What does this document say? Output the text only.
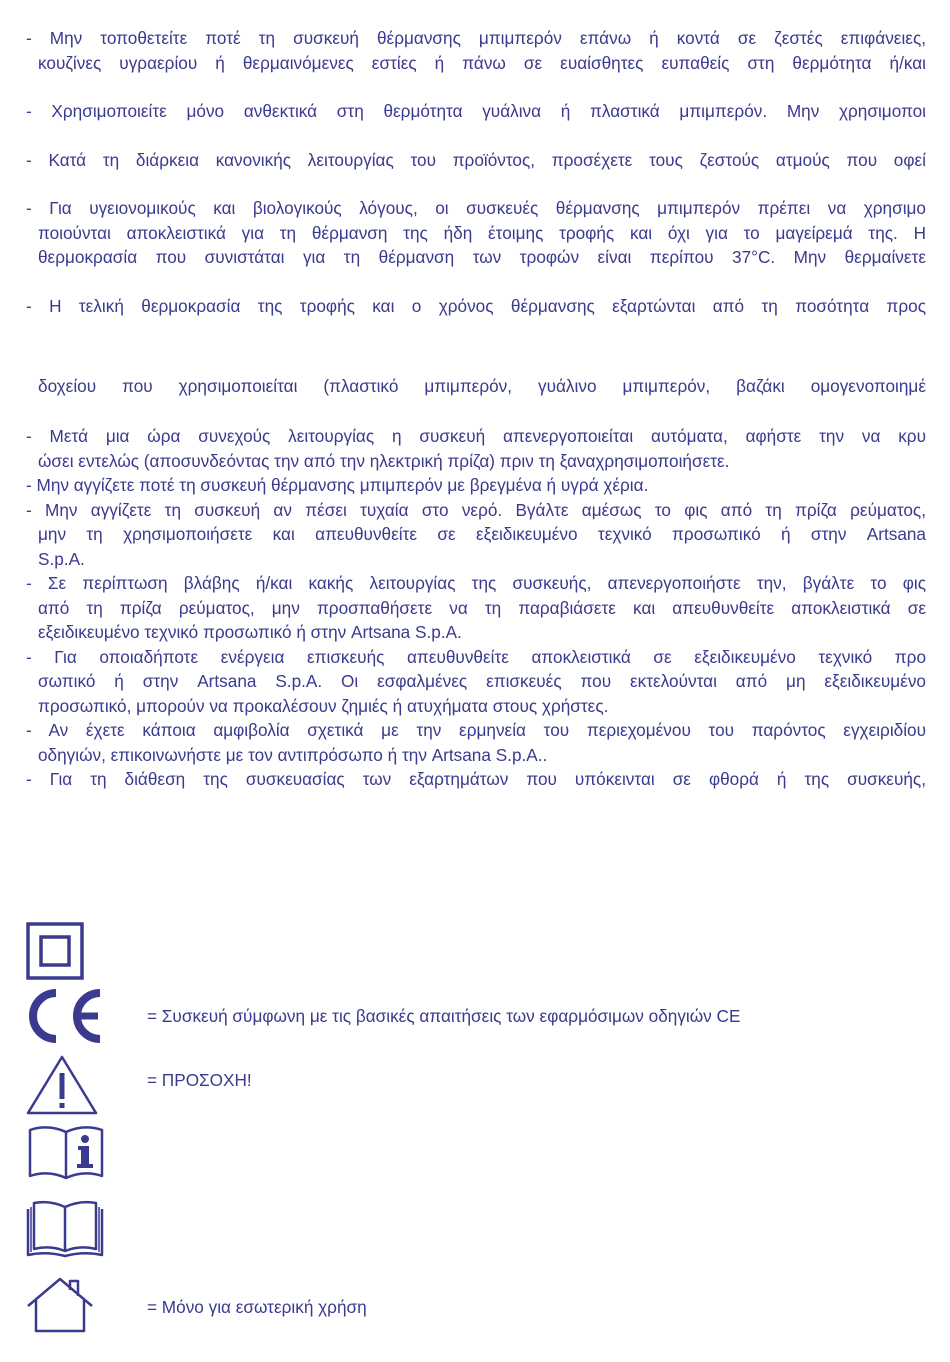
- Μην τοποθετείτε ποτέ τη συσκευή θέρμανσης μπιμπερόν επάνω ή κοντά σε ζεστές επιφάνειες,
κουζίνες υγραερίου ή θερμαινόμενες εστίες ή πάνω σε ευαίσθητες ευπαθείς στη θερμότητα ή/και
- Χρησιμοποιείτε μόνο ανθεκτικά στη θερμότητα γυάλινα ή πλαστικά μπιμπερόν. Μην χρησιμοποι
- Κατά τη διάρκεια κανονικής λειτουργίας του προϊόντος, προσέχετε τους ζεστούς ατμούς που οφεί
- Για υγειονομικούς και βιολογικούς λόγους, οι συσκευές θέρμανσης μπιμπερόν πρέπει να χρησιμο
ποιούνται αποκλειστικά για τη θέρμανση της ήδη έτοιμης τροφής και όχι για το μαγείρεμά της. Η
θερμοκρασία που συνιστάται για τη θέρμανση των τροφών είναι περίπου 37°C. Μην θερμαίνετε
- Η τελική θερμοκρασία της τροφής και ο χρόνος θέρμανσης εξαρτώνται από τη ποσότητα προς
δοχείου που χρησιμοποιείται (πλαστικό μπιμπερόν, γυάλινο μπιμπερόν, βαζάκι ομογενοποιημέ
- Μετά μια ώρα συνεχούς λειτουργίας η συσκευή απενεργοποιείται αυτόματα, αφήστε την να κρυ
ώσει εντελώς (αποσυνδεόντας την από την ηλεκτρική πρίζα) πριν τη ξαναχρησιμοποιήσετε.
- Μην αγγίζετε ποτέ τη συσκευή θέρμανσης μπιμπερόν με βρεγμένα ή υγρά χέρια.
- Μην αγγίζετε τη συσκευή αν πέσει τυχαία στο νερό. Βγάλτε αμέσως το φις από τη πρίζα ρεύματος,
μην τη χρησιμοποιήσετε και απευθυνθείτε σε εξειδικευμένο τεχνικό προσωπικό ή στην Artsana
S.p.A.
- Σε περίπτωση βλάβης ή/και κακής λειτουργίας της συσκευής, απενεργοποιήστε την, βγάλτε το φις
από τη πρίζα ρεύματος, μην προσπαθήσετε να τη παραβιάσετε και απευθυνθείτε αποκλειστικά σε
εξειδικευμένο τεχνικό προσωπικό ή στην Artsana S.p.A.
- Για οποιαδήποτε ενέργεια επισκευής απευθυνθείτε αποκλειστικά σε εξειδικευμένο τεχνικό προ
σωπικό ή στην Artsana S.p.A. Οι εσφαλμένες επισκευές που εκτελούνται από μη εξειδικευμένο
προσωπικό, μπορούν να προκαλέσουν ζημιές ή ατυχήματα στους χρήστες.
- Αν έχετε κάποια αμφιβολία σχετικά με την ερμηνεία του περιεχομένου του παρόντος εγχειριδίου
οδηγιών, επικοινωνήστε με τον αντιπρόσωπο ή την Artsana S.p.A..
- Για τη διάθεση της συσκευασίας των εξαρτημάτων που υπόκεινται σε φθορά ή της συσκευής,
= Συσκευή σύμφωνη με τις βασικές απαιτήσεις των εφαρμόσιμων οδηγιών CE
= ΠΡΟΣΟΧΗ!
= Μόνο για εσωτερική χρήση
